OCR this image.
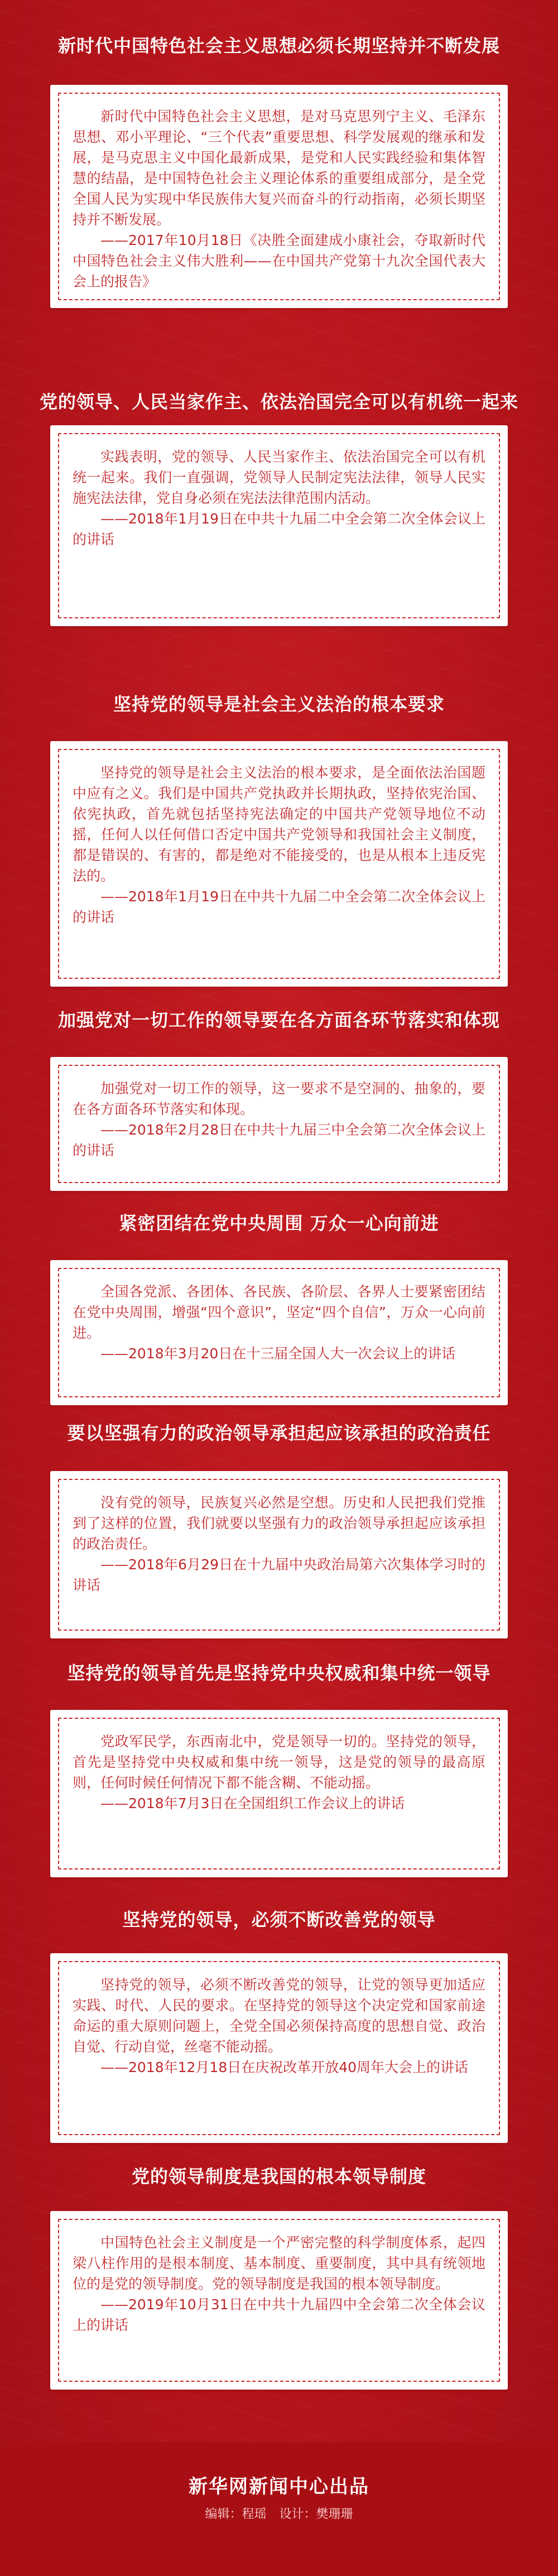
新时代中国特色社会主义思想必须长期坚持并不断发展

新时代中国特色社会主义思想，是对马克思列宁主义、毛泽东思想、邓小平理论、“三个代表”重要思想、科学发展观的继承和发展，是马克思主义中国化最新成果，是党和人民实践经验和集体智慧的结晶，是中国特色社会主义理论体系的重要组成部分，是全党全国人民为实现中华民族伟大复兴而奋斗的行动指南，必须长期坚持并不断发展。

——2017年10月18日《决胜全面建成小康社会，夺取新时代中国特色社会主义伟大胜利——在中国共产党第十九次全国代表大会上的报告》

党的领导、人民当家作主、依法治国完全可以有机统一起来

实践表明，党的领导、人民当家作主、依法治国完全可以有机统一起来。我们一直强调，党领导人民制定宪法法律，领导人民实施宪法法律，党自身必须在宪法法律范围内活动。

——2018年1月19日在中共十九届二中全会第二次全体会议上的讲话

坚持党的领导是社会主义法治的根本要求

坚持党的领导是社会主义法治的根本要求，是全面依法治国题中应有之义。我们是中国共产党执政并长期执政，坚持依宪治国、依宪执政，首先就包括坚持宪法确定的中国共产党领导地位不动摇，任何人以任何借口否定中国共产党领导和我国社会主义制度，都是错误的、有害的，都是绝对不能接受的，也是从根本上违反宪法的。

——2018年1月19日在中共十九届二中全会第二次全体会议上的讲话

加强党对一切工作的领导要在各方面各环节落实和体现

加强党对一切工作的领导，这一要求不是空洞的、抽象的，要在各方面各环节落实和体现。

——2018年2月28日在中共十九届三中全会第二次全体会议上的讲话

紧密团结在党中央周围 万众一心向前进

全国各党派、各团体、各民族、各阶层、各界人士要紧密团结在党中央周围，增强“四个意识”，坚定“四个自信”，万众一心向前进。

——2018年3月20日在十三届全国人大一次会议上的讲话

要以坚强有力的政治领导承担起应该承担的政治责任

没有党的领导，民族复兴必然是空想。历史和人民把我们党推到了这样的位置，我们就要以坚强有力的政治领导承担起应该承担的政治责任。

——2018年6月29日在十九届中央政治局第六次集体学习时的讲话

坚持党的领导首先是坚持党中央权威和集中统一领导

党政军民学，东西南北中，党是领导一切的。坚持党的领导，首先是坚持党中央权威和集中统一领导，这是党的领导的最高原则，任何时候任何情况下都不能含糊、不能动摇。

——2018年7月3日在全国组织工作会议上的讲话

坚持党的领导，必须不断改善党的领导

坚持党的领导，必须不断改善党的领导，让党的领导更加适应实践、时代、人民的要求。在坚持党的领导这个决定党和国家前途命运的重大原则问题上，全党全国必须保持高度的思想自觉、政治自觉、行动自觉，丝毫不能动摇。

——2018年12月18日在庆祝改革开放40周年大会上的讲话

党的领导制度是我国的根本领导制度

中国特色社会主义制度是一个严密完整的科学制度体系，起四梁八柱作用的是根本制度、基本制度、重要制度，其中具有统领地位的是党的领导制度。党的领导制度是我国的根本领导制度。

——2019年10月31日在中共十九届四中全会第二次全体会议上的讲话

新华网新闻中心出品
编辑：程瑶 设计：樊珊珊
